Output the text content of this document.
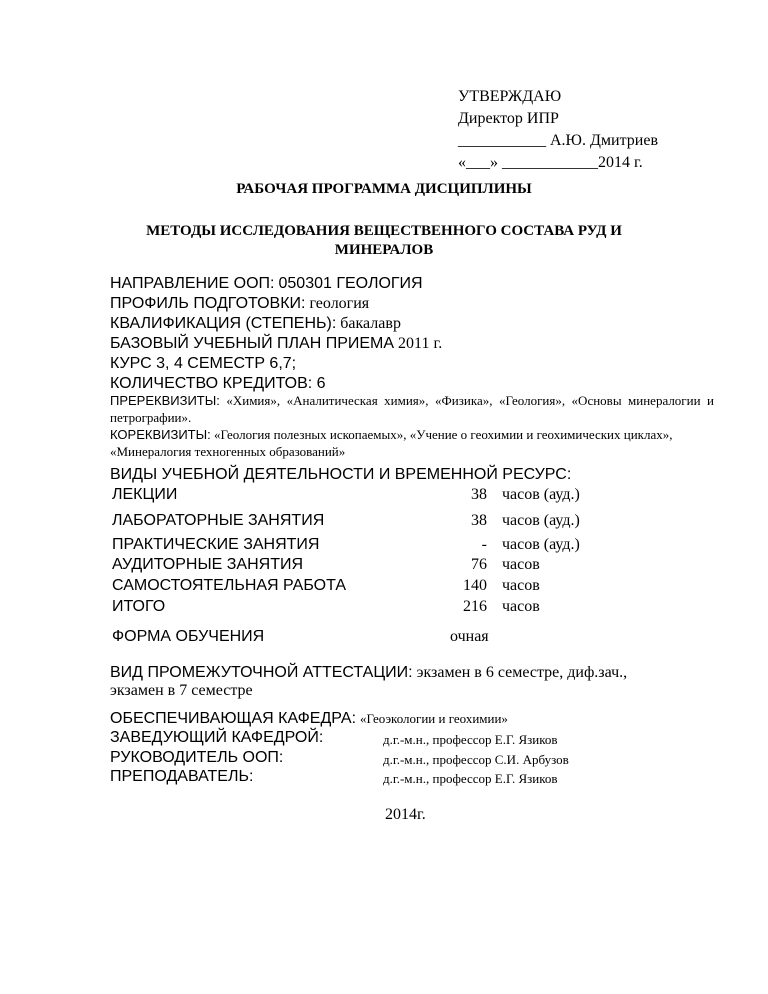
УТВЕРЖДАЮ
Директор ИПР
___________ А.Ю. Дмитриев
«___» ____________2014 г.
РАБОЧАЯ ПРОГРАММА ДИСЦИПЛИНЫ
МЕТОДЫ ИССЛЕДОВАНИЯ ВЕЩЕСТВЕННОГО СОСТАВА РУД И МИНЕРАЛОВ
НАПРАВЛЕНИЕ ООП: 050301 ГЕОЛОГИЯ
ПРОФИЛЬ ПОДГОТОВКИ: геология
КВАЛИФИКАЦИЯ (СТЕПЕНЬ): бакалавр
БАЗОВЫЙ УЧЕБНЫЙ ПЛАН ПРИЕМА 2011 г.
КУРС 3, 4 СЕМЕСТР 6,7;
КОЛИЧЕСТВО КРЕДИТОВ: 6
ПРЕРЕКВИЗИТЫ: «Химия», «Аналитическая химия», «Физика», «Геология», «Основы минералогии и петрографии».
КОРЕКВИЗИТЫ: «Геология полезных ископаемых», «Учение о геохимии и геохимических циклах», «Минералогия техногенных образований»
ВИДЫ УЧЕБНОЙ ДЕЯТЕЛЬНОСТИ И ВРЕМЕННОЙ РЕСУРС:
ЛЕКЦИИ	38 часов (ауд.)
ЛАБОРАТОРНЫЕ ЗАНЯТИЯ	38 часов (ауд.)
ПРАКТИЧЕСКИЕ ЗАНЯТИЯ	- часов (ауд.)
АУДИТОРНЫЕ ЗАНЯТИЯ	76 часов
САМОСТОЯТЕЛЬНАЯ РАБОТА	140 часов
ИТОГО	216 часов
ФОРМА ОБУЧЕНИЯ	очная
ВИД ПРОМЕЖУТОЧНОЙ АТТЕСТАЦИИ: экзамен в 6 семестре, диф.зач.,
экзамен в 7 семестре
ОБЕСПЕЧИВАЮЩАЯ КАФЕДРА: «Геоэкологии и геохимии»
ЗАВЕДУЮЩИЙ КАФЕДРОЙ:	д.г.-м.н., профессор Е.Г. Язиков
РУКОВОДИТЕЛЬ ООП:	д.г.-м.н., профессор С.И. Арбузов
ПРЕПОДАВАТЕЛЬ:	д.г.-м.н., профессор Е.Г. Язиков
2014г.
